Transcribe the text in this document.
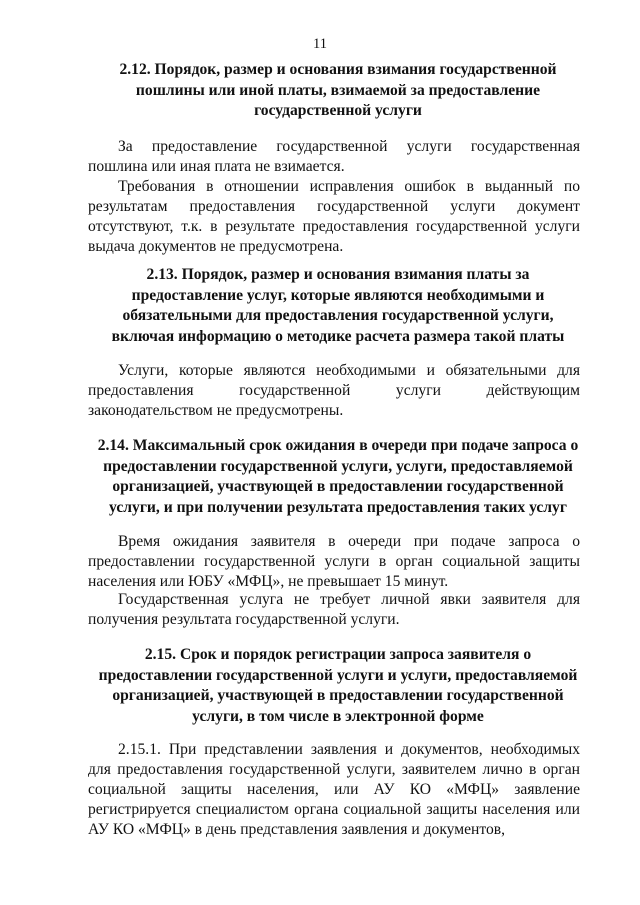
11
2.12. Порядок, размер и основания взимания государственной пошлины или иной платы, взимаемой за предоставление государственной услуги
За предоставление государственной услуги государственная пошлина или иная плата не взимается.
Требования в отношении исправления ошибок в выданный по результатам предоставления государственной услуги документ отсутствуют, т.к. в результате предоставления государственной услуги выдача документов не предусмотрена.
2.13. Порядок, размер и основания взимания платы за предоставление услуг, которые являются необходимыми и обязательными для предоставления государственной услуги, включая информацию о методике расчета размера такой платы
Услуги, которые являются необходимыми и обязательными для предоставления государственной услуги действующим законодательством не предусмотрены.
2.14. Максимальный срок ожидания в очереди при подаче запроса о предоставлении государственной услуги, услуги, предоставляемой организацией, участвующей в предоставлении государственной услуги, и при получении результата предоставления таких услуг
Время ожидания заявителя в очереди при подаче запроса о предоставлении государственной услуги в орган социальной защиты населения или ЮБУ «МФЦ», не превышает 15 минут.
Государственная услуга не требует личной явки заявителя для получения результата государственной услуги.
2.15. Срок и порядок регистрации запроса заявителя о предоставлении государственной услуги и услуги, предоставляемой организацией, участвующей в предоставлении государственной услуги, в том числе в электронной форме
2.15.1. При представлении заявления и документов, необходимых для предоставления государственной услуги, заявителем лично в орган социальной защиты населения, или АУ КО «МФЦ» заявление регистрируется специалистом органа социальной защиты населения или АУ КО «МФЦ» в день представления заявления и документов,
